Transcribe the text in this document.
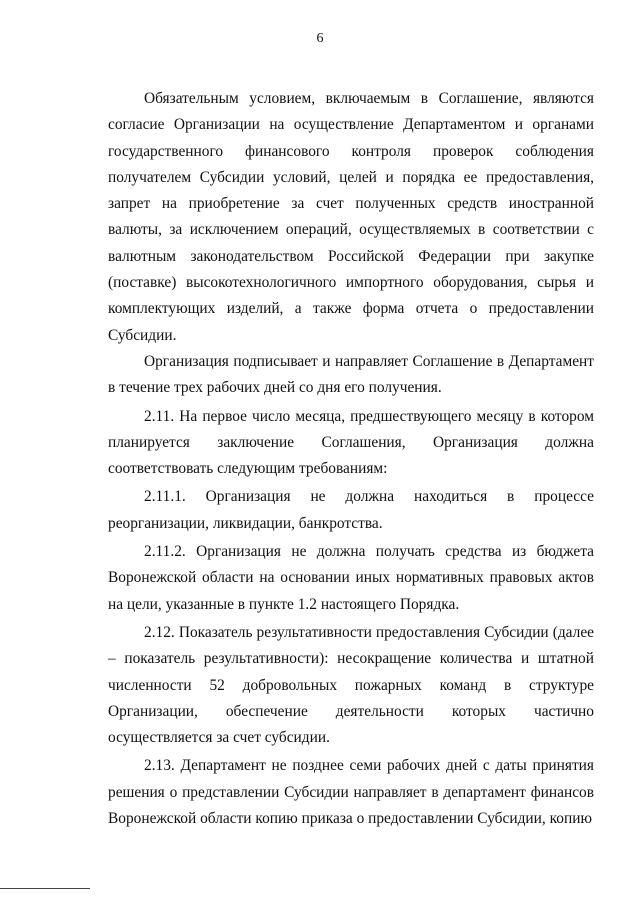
6

Обязательным условием, включаемым в Соглашение, являются согласие Организации на осуществление Департаментом и органами государственного финансового контроля проверок соблюдения получателем Субсидии условий, целей и порядка ее предоставления, запрет на приобретение за счет полученных средств иностранной валюты, за исключением операций, осуществляемых в соответствии с валютным законодательством Российской Федерации при закупке (поставке) высокотехнологичного импортного оборудования, сырья и комплектующих изделий, а также форма отчета о предоставлении Субсидии.

Организация подписывает и направляет Соглашение в Департамент в течение трех рабочих дней со дня его получения.

2.11. На первое число месяца, предшествующего месяцу в котором планируется заключение Соглашения, Организация должна соответствовать следующим требованиям:

2.11.1. Организация не должна находиться в процессе реорганизации, ликвидации, банкротства.

2.11.2. Организация не должна получать средства из бюджета Воронежской области на основании иных нормативных правовых актов на цели, указанные в пункте 1.2 настоящего Порядка.

2.12. Показатель результативности предоставления Субсидии (далее – показатель результативности): несокращение количества и штатной численности 52 добровольных пожарных команд в структуре Организации, обеспечение деятельности которых частично осуществляется за счет субсидии.

2.13. Департамент не позднее семи рабочих дней с даты принятия решения о представлении Субсидии направляет в департамент финансов Воронежской области копию приказа о предоставлении Субсидии, копию
